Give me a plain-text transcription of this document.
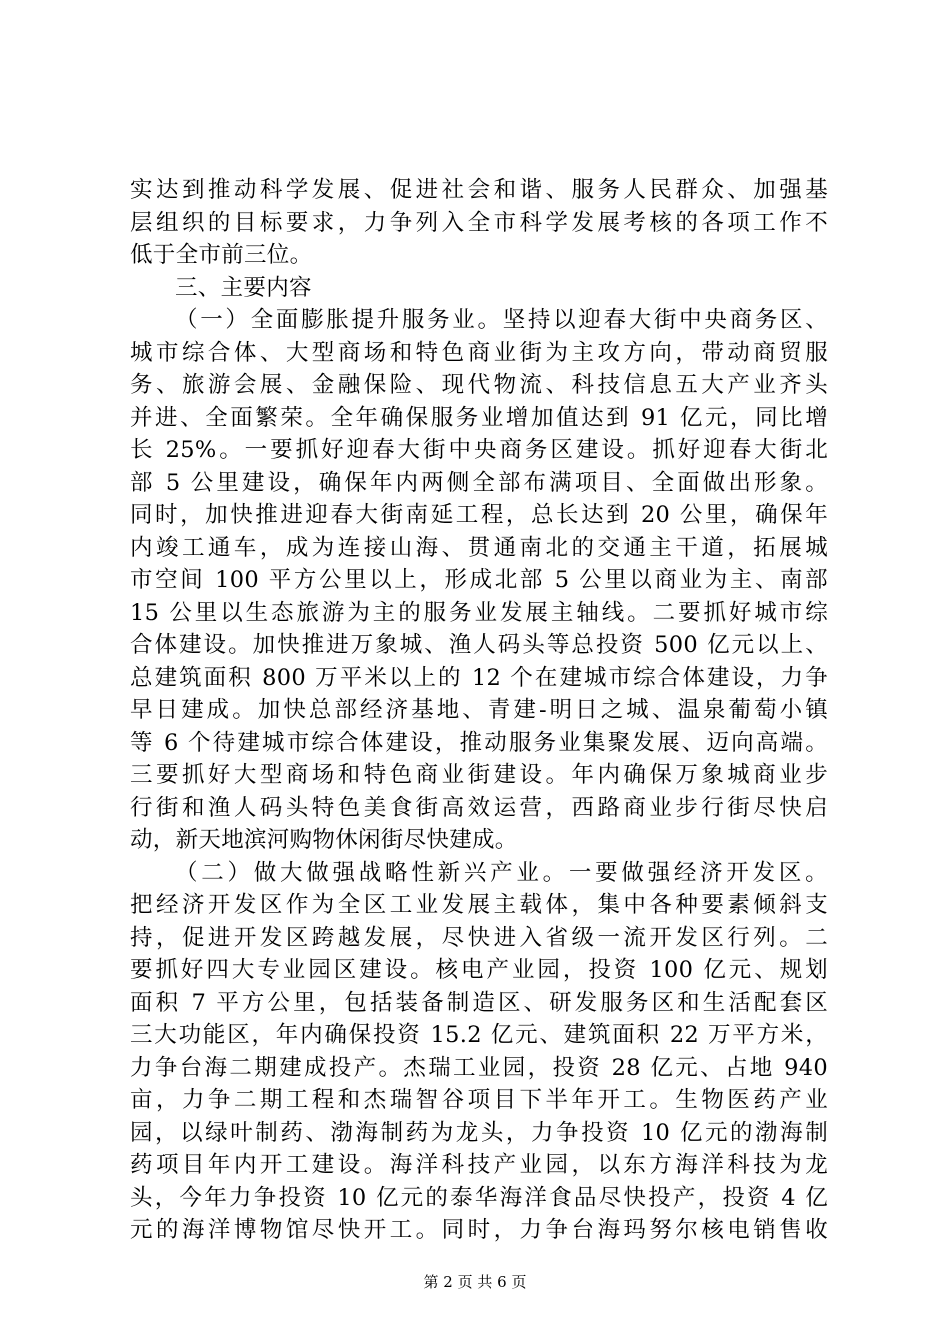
实达到推动科学发展、促进社会和谐、服务人民群众、加强基
层组织的目标要求，力争列入全市科学发展考核的各项工作不
低于全市前三位。
三、主要内容
（一）全面膨胀提升服务业。坚持以迎春大街中央商务区、
城市综合体、大型商场和特色商业街为主攻方向，带动商贸服
务、旅游会展、金融保险、现代物流、科技信息五大产业齐头
并进、全面繁荣。全年确保服务业增加值达到 91 亿元，同比增
长 25%。一要抓好迎春大街中央商务区建设。抓好迎春大街北
部 5 公里建设，确保年内两侧全部布满项目、全面做出形象。
同时，加快推进迎春大街南延工程，总长达到 20 公里，确保年
内竣工通车，成为连接山海、贯通南北的交通主干道，拓展城
市空间 100 平方公里以上，形成北部 5 公里以商业为主、南部
15 公里以生态旅游为主的服务业发展主轴线。二要抓好城市综
合体建设。加快推进万象城、渔人码头等总投资 500 亿元以上、
总建筑面积 800 万平米以上的 12 个在建城市综合体建设，力争
早日建成。加快总部经济基地、青建-明日之城、温泉葡萄小镇
等 6 个待建城市综合体建设，推动服务业集聚发展、迈向高端。
三要抓好大型商场和特色商业街建设。年内确保万象城商业步
行街和渔人码头特色美食街高效运营，西路商业步行街尽快启
动，新天地滨河购物休闲街尽快建成。
（二）做大做强战略性新兴产业。一要做强经济开发区。
把经济开发区作为全区工业发展主载体，集中各种要素倾斜支
持，促进开发区跨越发展，尽快进入省级一流开发区行列。二
要抓好四大专业园区建设。核电产业园，投资 100 亿元、规划
面积 7 平方公里，包括装备制造区、研发服务区和生活配套区
三大功能区，年内确保投资 15.2 亿元、建筑面积 22 万平方米，
力争台海二期建成投产。杰瑞工业园，投资 28 亿元、占地 940
亩，力争二期工程和杰瑞智谷项目下半年开工。生物医药产业
园，以绿叶制药、渤海制药为龙头，力争投资 10 亿元的渤海制
药项目年内开工建设。海洋科技产业园，以东方海洋科技为龙
头，今年力争投资 10 亿元的泰华海洋食品尽快投产，投资 4 亿
元的海洋博物馆尽快开工。同时，力争台海玛努尔核电销售收
第 2 页 共 6 页
